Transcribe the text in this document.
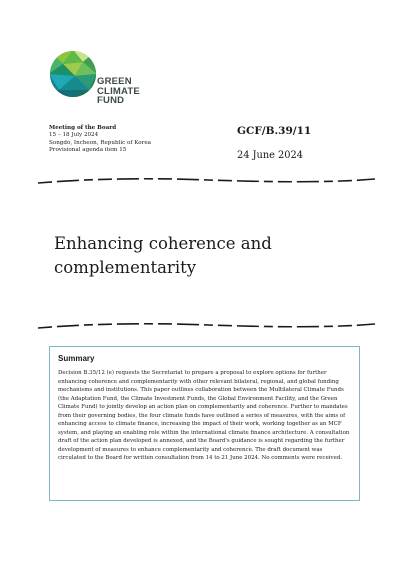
GREEN
CLIMATE
FUND
Meeting of the Board
15 – 18 July 2024
Songdo, Incheon, Republic of Korea
Provisional agenda item 15
GCF/B.39/11
24 June 2024
Enhancing coherence and complementarity
Summary
Decision B.35/12 (e) requests the Secretariat to prepare a proposal to explore options for further enhancing coherence and complementarity with other relevant bilateral, regional, and global funding mechanisms and institutions. This paper outlines collaboration between the Multilateral Climate Funds (the Adaptation Fund, the Climate Investment Funds, the Global Environment Facility, and the Green Climate Fund) to jointly develop an action plan on complementarity and coherence. Further to mandates from their governing bodies, the four climate funds have outlined a series of measures, with the aims of enhancing access to climate finance, increasing the impact of their work, working together as an MCF system, and playing an enabling role within the international climate finance architecture. A consultation draft of the action plan developed is annexed, and the Board's guidance is sought regarding the further development of measures to enhance complementarity and coherence. The draft document was circulated to the Board for written consultation from 14 to 21 June 2024. No comments were received.
